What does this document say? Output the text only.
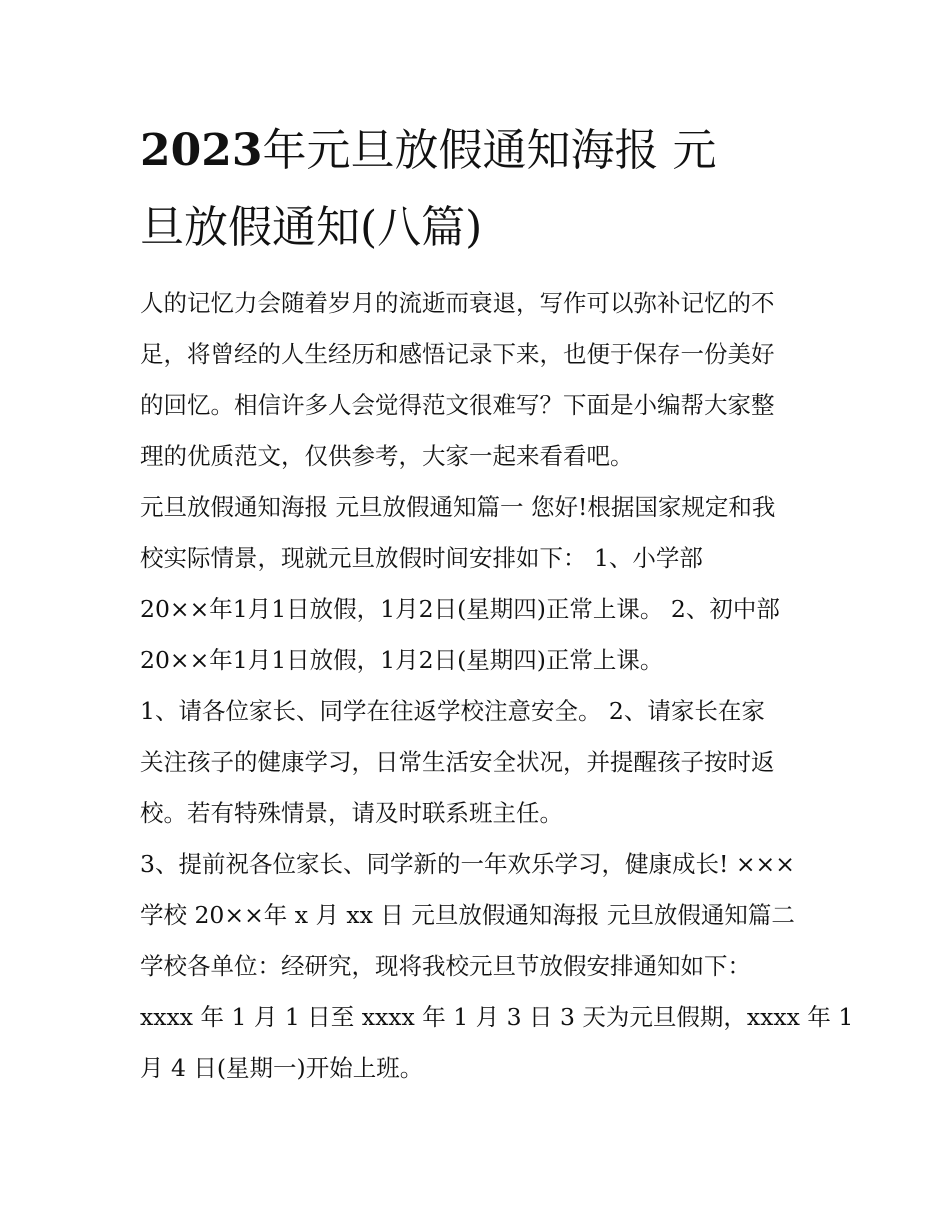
2023年元旦放假通知海报 元
旦放假通知(八篇)

人的记忆力会随着岁月的流逝而衰退，写作可以弥补记忆的不
足，将曾经的人生经历和感悟记录下来，也便于保存一份美好
的回忆。相信许多人会觉得范文很难写？下面是小编帮大家整
理的优质范文，仅供参考，大家一起来看看吧。

元旦放假通知海报 元旦放假通知篇一 您好!根据国家规定和我
校实际情景，现就元旦放假时间安排如下： 1、小学部
20××年1月1日放假，1月2日(星期四)正常上课。 2、初中部
20××年1月1日放假，1月2日(星期四)正常上课。

1、请各位家长、同学在往返学校注意安全。 2、请家长在家
关注孩子的健康学习，日常生活安全状况，并提醒孩子按时返
校。若有特殊情景，请及时联系班主任。

3、提前祝各位家长、同学新的一年欢乐学习，健康成长! ×××
学校 20××年 x 月 xx 日 元旦放假通知海报 元旦放假通知篇二
学校各单位：经研究，现将我校元旦节放假安排通知如下：
xxxx 年 1 月 1 日至 xxxx 年 1 月 3 日 3 天为元旦假期，xxxx 年 1
月 4 日(星期一)开始上班。
